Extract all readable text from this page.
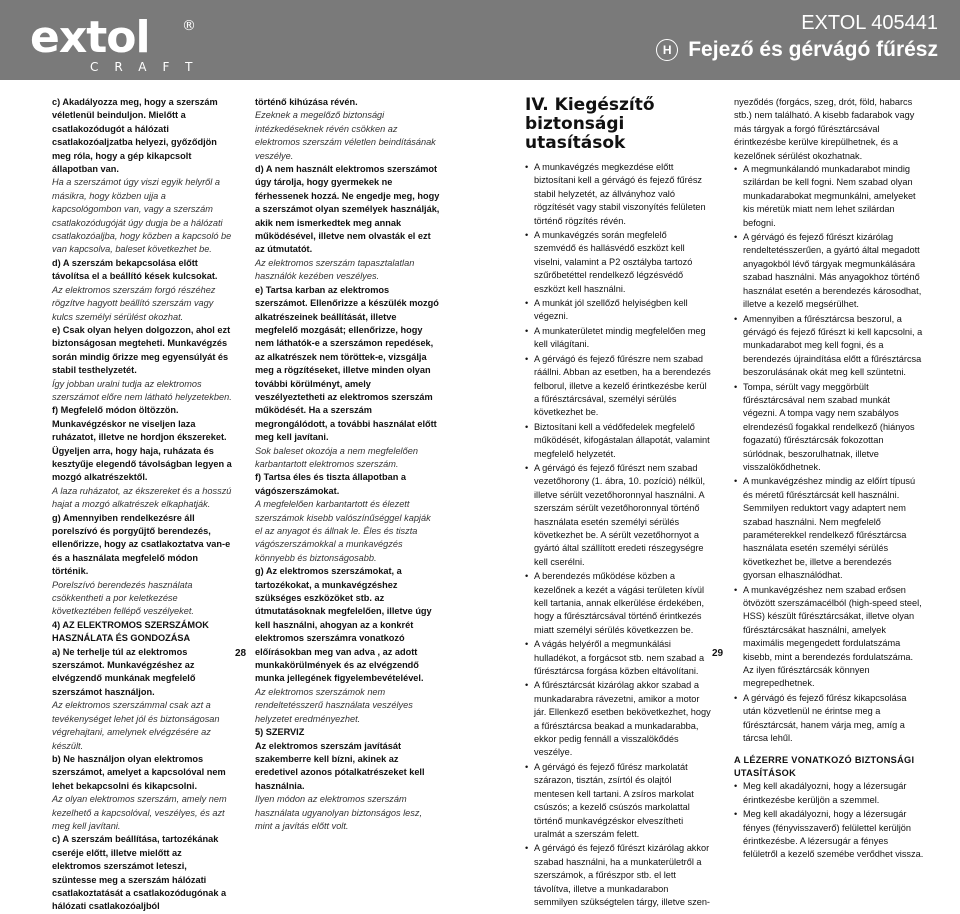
extol ®
CRAFT
EXTOL 405441
H Fejező és gérvágó fűrész

c) Akadályozza meg, hogy a szerszám véletlenül beinduljon. Mielőtt a csatlakozódugót a hálózati csatlakozóaljzatba helyezi, győződjön meg róla, hogy a gép kikapcsolt állapotban van.

Ha a szerszámot úgy viszi egyik helyről a másikra, hogy közben ujja a kapcsológombon van, vagy a szerszám csatlakozódugóját úgy dugja be a hálózati csatlakozóaljba, hogy közben a kapcsoló be van kapcsolva, baleset következhet be.

d) A szerszám bekapcsolása előtt távolítsa el a beállító kések kulcsokat.

Az elektromos szerszám forgó részéhez rögzítve hagyott beállító szerszám vagy kulcs személyi sérülést okozhat.

e) Csak olyan helyen dolgozzon, ahol ezt biztonságosan megteheti. Munkavégzés során mindig őrizze meg egyensúlyát és stabil testhelyzetét.

Így jobban uralni tudja az elektromos szerszámot előre nem látható helyzetekben.

f) Megfelelő módon öltözzön. Munkavégzéskor ne viseljen laza ruházatot, illetve ne hordjon ékszereket. Ügyeljen arra, hogy haja, ruházata és kesztyűje elegendő távolságban legyen a mozgó alkatrészektől.

A laza ruházatot, az ékszereket és a hosszú hajat a mozgó alkatrészek elkaphatják.

g) Amennyiben rendelkezésre áll porelszívó és porgyűjtő berendezés, ellenőrizze, hogy az csatlakoztatva van-e és a használata megfelelő módon történik.

Porelszívó berendezés használata csökkentheti a por keletkezése következtében fellépő veszélyeket.

4) AZ ELEKTROMOS SZERSZÁMOK HASZNÁLATA ÉS GONDOZÁSA

a) Ne terhelje túl az elektromos szerszámot. Munkavégzéshez az elvégzendő munkának megfelelő szerszámot használjon.

Az elektromos szerszámmal csak azt a tevékenységet lehet jól és biztonságosan végrehajtani, amelynek elvégzésére az készült.

b) Ne használjon olyan elektromos szerszámot, amelyet a kapcsolóval nem lehet bekapcsolni és kikapcsolni.

Az olyan elektromos szerszám, amely nem kezelhető a kapcsolóval, veszélyes, és azt meg kell javítani.

c) A szerszám beállítása, tartozékának cseréje előtt, illetve mielőtt az elektromos szerszámot leteszi, szüntesse meg a szerszám hálózati csatlakoztatását a csatlakozódugónak a hálózati csatlakozóaljból

történő kihúzása révén.

Ezeknek a megelőző biztonsági intézkedéseknek révén csökken az elektromos szerszám véletlen beindításának veszélye.

d) A nem használt elektromos szerszámot úgy tárolja, hogy gyermekek ne férhessenek hozzá. Ne engedje meg, hogy a szerszámot olyan személyek használják, akik nem ismerkedtek meg annak működésével, illetve nem olvasták el ezt az útmutatót.

Az elektromos szerszám tapasztalatlan használók kezében veszélyes.

e) Tartsa karban az elektromos szerszámot. Ellenőrizze a készülék mozgó alkatrészeinek beállítását, illetve megfelelő mozgását; ellenőrizze, hogy nem láthatók-e a szerszámon repedések, az alkatrészek nem töröttek-e, vizsgálja meg a rögzítéseket, illetve minden olyan további körülményt, amely veszélyeztetheti az elektromos szerszám működését. Ha a szerszám megrongálódott, a további használat előtt meg kell javítani.

Sok baleset okozója a nem megfelelően karbantartott elektromos szerszám.

f) Tartsa éles és tiszta állapotban a vágószerszámokat.

A megfelelően karbantartott és élezett szerszámok kisebb valószínűséggel kapják el az anyagot és állnak le. Éles és tiszta vágószerszámokkal a munkavégzés könnyebb és biztonságosabb.

g) Az elektromos szerszámokat, a tartozékokat, a munkavégzéshez szükséges eszközöket stb. az útmutatásoknak megfelelően, illetve úgy kell használni, ahogyan az a konkrét elektromos szerszámra vonatkozó előírásokban meg van adva , az adott munkakörülmények és az elvégzendő munka jellegének figyelembevételével.

Az elektromos szerszámok nem rendeltetésszerű használata veszélyes helyzetet eredményezhet.

5) SZERVIZ

Az elektromos szerszám javítását szakemberre kell bízni, akinek az eredetivel azonos pótalkatrészeket kell használnia.

Ilyen módon az elektromos szerszám használata ugyanolyan biztonságos lesz, mint a javítás előtt volt.

IV. Kiegészítő biztonsági utasítások
• A munkavégzés megkezdése előtt biztosítani kell a gérvágó és fejező fűrész stabil helyzetét, az állványhoz való rögzítését vagy stabil viszonyítés felületen történő rögzítés révén.
• A munkavégzés során megfelelő szemvédő és hallásvédő eszközt kell viselni, valamint a P2 osztályba tartozó szűrőbetéttel rendelkező légzésvédő eszközt kell használni.
• A munkát jól szellőző helyiségben kell végezni.
• A munkaterületet mindig megfelelően meg kell világítani.
• A gérvágó és fejező fűrészre nem szabad ráállni. Abban az esetben, ha a berendezés felborul, illetve a kezelő érintkezésbe kerül a fűrésztárcsával, személyi sérülés következhet be.
• Biztosítani kell a védőfedelek megfelelő működését, kifogástalan állapotát, valamint megfelelő helyzetét.
• A gérvágó és fejező fűrészt nem szabad vezetőhorony (1. ábra, 10. pozíció) nélkül, illetve sérült vezetőhoronnyal használni. A szerszám sérült vezetőhoronnyal történő használata esetén személyi sérülés következhet be. A sérült vezetőhornyot a gyártó által szállított eredeti részegységre kell cserélni.
• A berendezés működése közben a kezelőnek a kezét a vágási területen kívül kell tartania, annak elkerülése érdekében, hogy a fűrésztárcsával történő érintkezés miatt személyi sérülés következzen be.
• A vágás helyéről a megmunkálási hulladékot, a forgácsot stb. nem szabad a fűrésztárcsa forgása közben eltávolítani.
• A fűrésztárcsát kizárólag akkor szabad a munkadarabra rávezetni, amikor a motor jár. Ellenkező esetben bekövetkezhet, hogy a fűrésztárcsa beakad a munkadarabba, ekkor pedig fennáll a visszalökődés veszélye.
• A gérvágó és fejező fűrész markolatát szárazon, tisztán, zsírtól és olajtól mentesen kell tartani. A zsíros markolat csúszós; a kezelő csúszós markolattal történő munkavégzéskor elveszítheti uralmát a szerszám felett.
• A gérvágó és fejező fűrészt kizárólag akkor szabad használni, ha a munkaterületről a szerszámok, a fűrészpor stb. el lett távolítva, illetve a munkadarabon semmilyen szükségtelen tárgy, illetve szen-

nyeződés (forgács, szeg, drót, föld, habarcs stb.) nem található. A kisebb fadarabok vagy más tárgyak a forgó fűrésztárcsával érintkezésbe kerülve kirepülhetnek, és a kezelőnek sérülést okozhatnak.

• A megmunkálandó munkadarabot mindig szilárdan be kell fogni. Nem szabad olyan munkadarabokat megmunkálni, amelyeket kis méretük miatt nem lehet szilárdan befogni.
• A gérvágó és fejező fűrészt kizárólag rendeltetésszerűen, a gyártó által megadott anyagokból lévő tárgyak megmunkálására szabad használni. Más anyagokhoz történő használat esetén a berendezés károsodhat, illetve a kezelő megsérülhet.
• Amennyiben a fűrésztárcsa beszorul, a gérvágó és fejező fűrészt ki kell kapcsolni, a munkadarabot meg kell fogni, és a berendezés újraindítása előtt a fűrésztárcsa beszorulásának okát meg kell szüntetni.
• Tompa, sérült vagy meggörbült fűrésztárcsával nem szabad munkát végezni. A tompa vagy nem szabályos elrendezésű fogakkal rendelkező (hiányos fogazatú) fűrésztárcsák fokozottan súrlódnak, beszorulhatnak, illetve visszalökődhetnek.
• A munkavégzéshez mindig az előírt típusú és méretű fűrésztárcsát kell használni. Semmilyen reduktort vagy adaptert nem szabad használni. Nem megfelelő paraméterekkel rendelkező fűrésztárcsa használata esetén személyi sérülés következhet be, illetve a berendezés gyorsan elhasználódhat.
• A munkavégzéshez nem szabad erősen ötvözött szerszámacélból (high-speed steel, HSS) készült fűrésztárcsákat, illetve olyan fűrésztárcsákat használni, amelyek maximális megengedett fordulatszáma kisebb, mint a berendezés fordulatszáma. Az ilyen fűrésztárcsák könnyen megrepedhetnek.
• A gérvágó és fejező fűrész kikapcsolása után közvetlenül ne érintse meg a fűrésztárcsát, hanem várja meg, amíg a tárcsa lehűl.
A LÉZERRE VONATKOZÓ BIZTONSÁGI UTASÍTÁSOK
• Meg kell akadályozni, hogy a lézersugár érintkezésbe kerüljön a szemmel.
• Meg kell akadályozni, hogy a lézersugár fényes (fényvisszaverő) felülettel kerüljön érintkezésbe. A lézersugár a fényes felületről a kezelő szemébe verődhet vissza.
28	29
